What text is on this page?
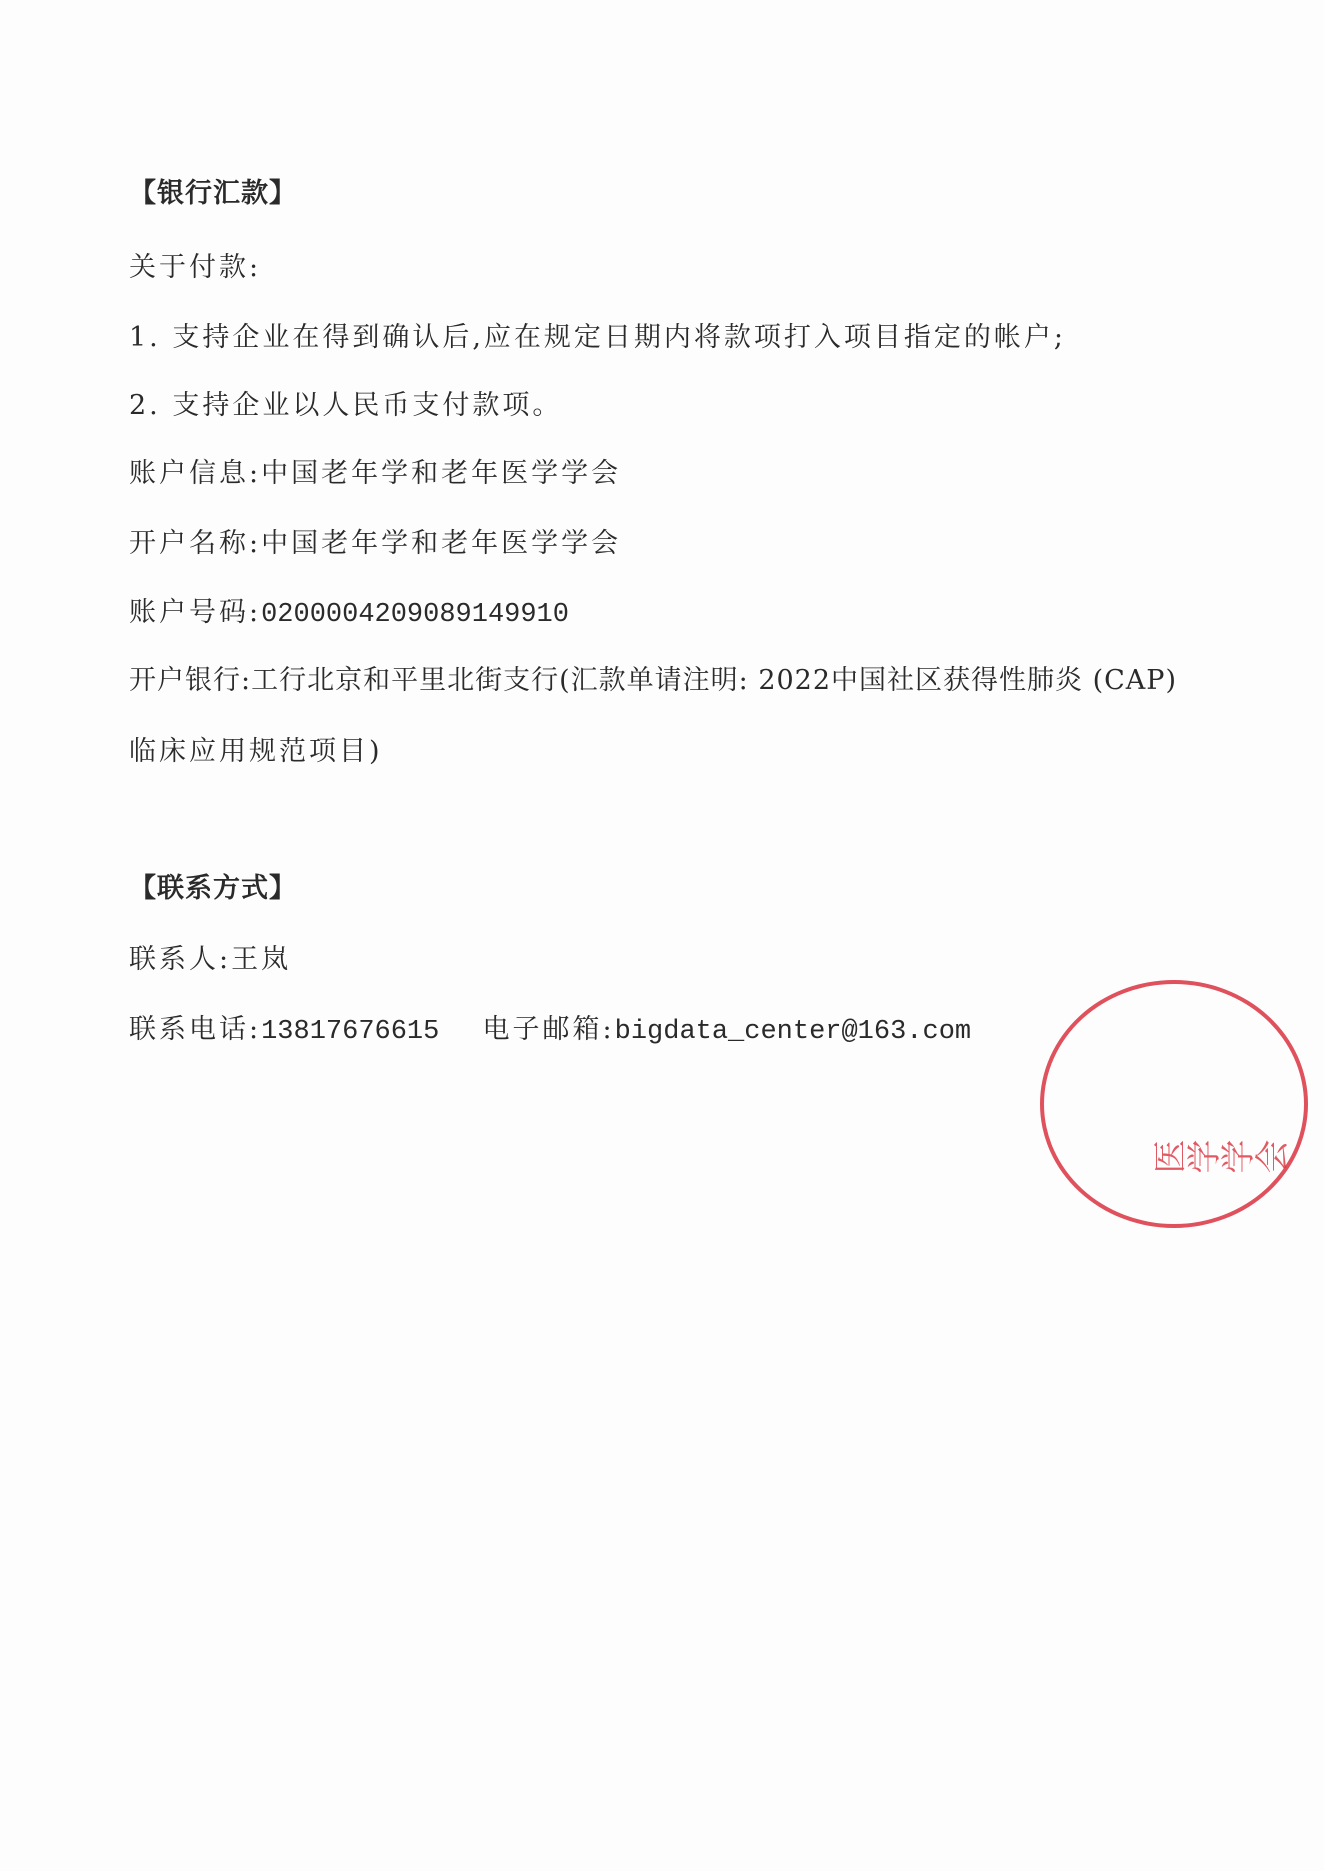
【银行汇款】
关于付款:
1. 支持企业在得到确认后,应在规定日期内将款项打入项目指定的帐户;
2. 支持企业以人民币支付款项。
账户信息:中国老年学和老年医学学会
开户名称:中国老年学和老年医学学会
账户号码:0200004209089149910
开户银行:工行北京和平里北街支行(汇款单请注明: 2022中国社区获得性肺炎 (CAP)
临床应用规范项目)
【联系方式】
联系人:王岚
联系电话:13817676615 电子邮箱:bigdata_center@163.com
医学学会
